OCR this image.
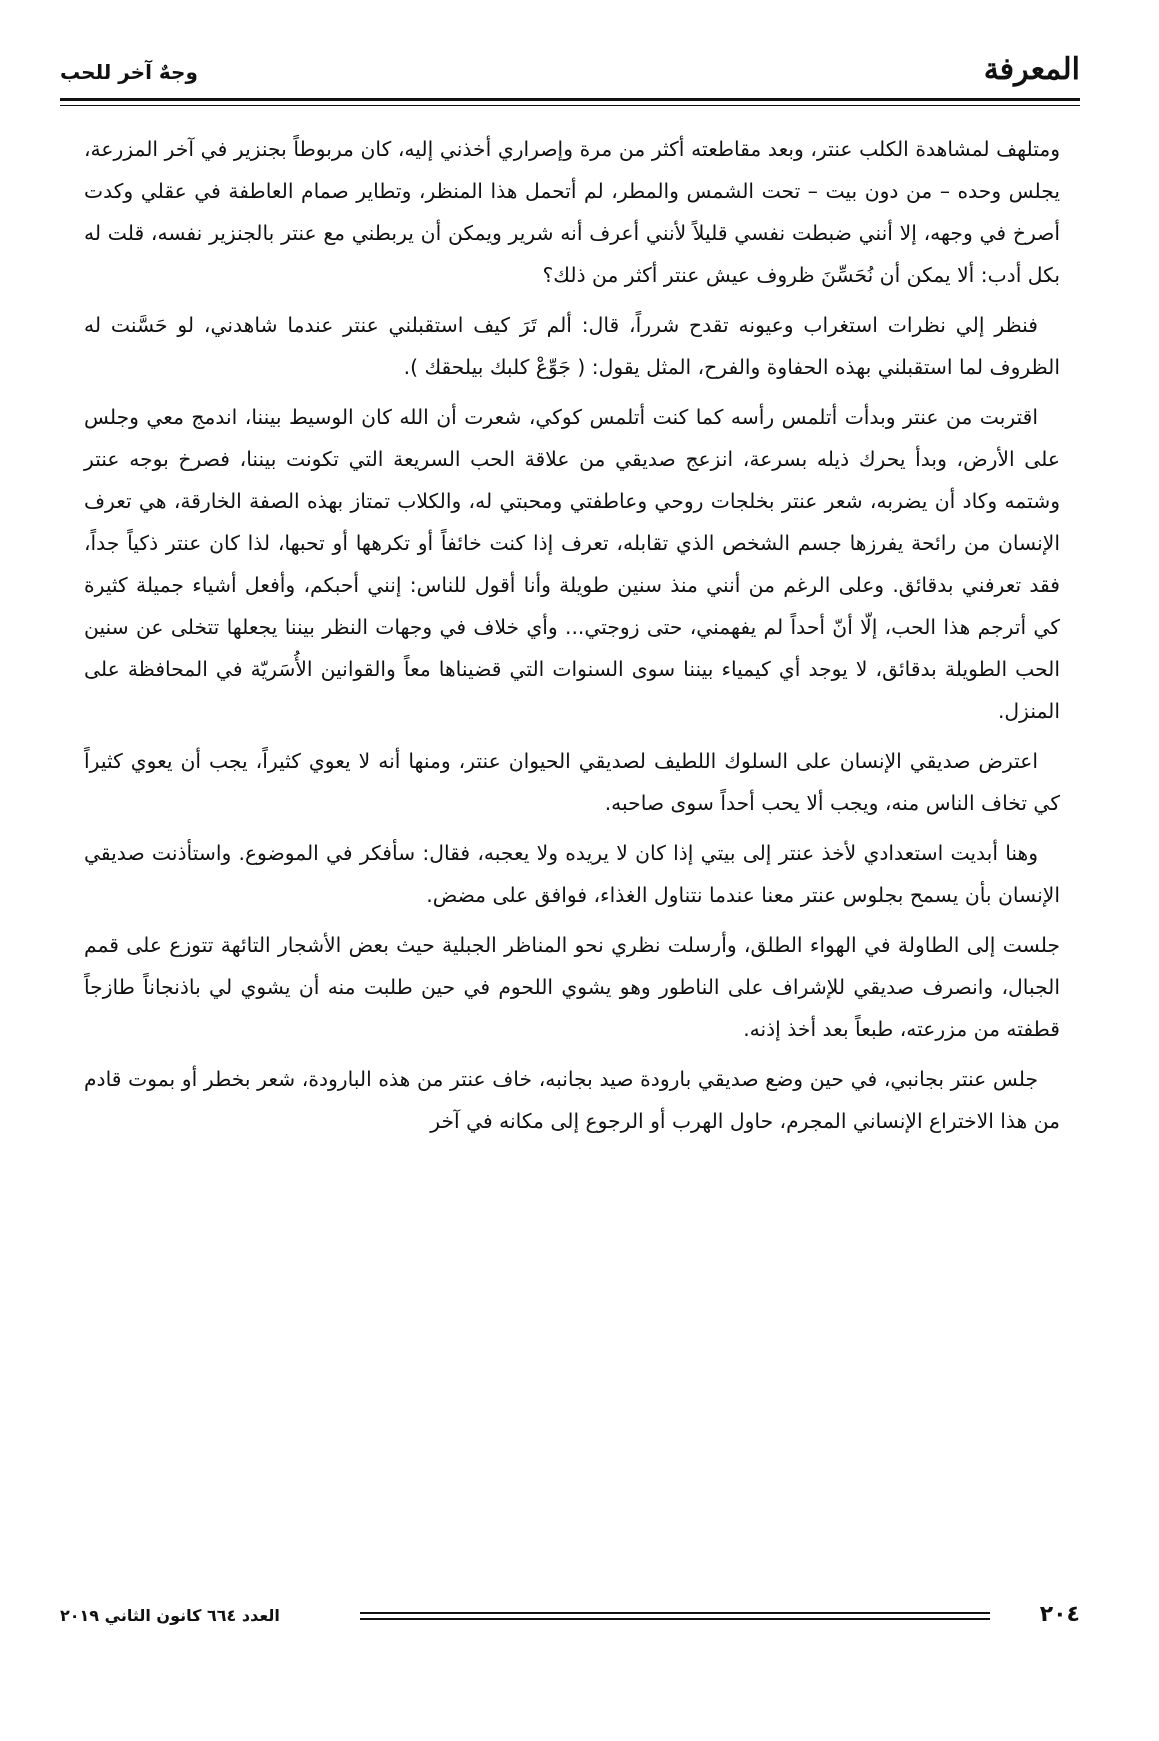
المعرفة
وجهٌ آخر للحب

ومتلهف لمشاهدة الكلب عنتر، وبعد مقاطعته أكثر من مرة وإصراري أخذني إليه، كان مربوطاً بجنزير في آخر المزرعة، يجلس وحده – من دون بيت – تحت الشمس والمطر، لم أتحمل هذا المنظر، وتطاير صمام العاطفة في عقلي وكدت أصرخ في وجهه، إلا أنني ضبطت نفسي قليلاً لأنني أعرف أنه شرير ويمكن أن يربطني مع عنتر بالجنزير نفسه، قلت له بكل أدب: ألا يمكن أن نُحَسِّنَ ظروف عيش عنتر أكثر من ذلك؟

فنظر إلي نظرات استغراب وعيونه تقدح شرراً، قال: ألم تَرَ كيف استقبلني عنتر عندما شاهدني، لو حَسَّنت له الظروف لما استقبلني بهذه الحفاوة والفرح، المثل يقول: ( جَوِّعْ كلبك بيلحقك ).

اقتربت من عنتر وبدأت أتلمس رأسه كما كنت أتلمس كوكي، شعرت أن الله كان الوسيط بيننا، اندمج معي وجلس على الأرض، وبدأ يحرك ذيله بسرعة، انزعج صديقي من علاقة الحب السريعة التي تكونت بيننا، فصرخ بوجه عنتر وشتمه وكاد أن يضربه، شعر عنتر بخلجات روحي وعاطفتي ومحبتي له، والكلاب تمتاز بهذه الصفة الخارقة، هي تعرف الإنسان من رائحة يفرزها جسم الشخص الذي تقابله، تعرف إذا كنت خائفاً أو تكرهها أو تحبها، لذا كان عنتر ذكياً جداً، فقد تعرفني بدقائق. وعلى الرغم من أنني منذ سنين طويلة وأنا أقول للناس: إنني أحبكم، وأفعل أشياء جميلة كثيرة كي أترجم هذا الحب، إلّا أنّ أحداً لم يفهمني، حتى زوجتي... وأي خلاف في وجهات النظر بيننا يجعلها تتخلى عن سنين الحب الطويلة بدقائق، لا يوجد أي كيمياء بيننا سوى السنوات التي قضيناها معاً والقوانين الأُسَريّة في المحافظة على المنزل.

اعترض صديقي الإنسان على السلوك اللطيف لصديقي الحيوان عنتر، ومنها أنه لا يعوي كثيراً، يجب أن يعوي كثيراً كي تخاف الناس منه، ويجب ألا يحب أحداً سوى صاحبه.

وهنا أبديت استعدادي لأخذ عنتر إلى بيتي إذا كان لا يريده ولا يعجبه، فقال: سأفكر في الموضوع. واستأذنت صديقي الإنسان بأن يسمح بجلوس عنتر معنا عندما نتناول الغذاء، فوافق على مضض.

جلست إلى الطاولة في الهواء الطلق، وأرسلت نظري نحو المناظر الجبلية حيث بعض الأشجار التائهة تتوزع على قمم الجبال، وانصرف صديقي للإشراف على الناطور وهو يشوي اللحوم في حين طلبت منه أن يشوي لي باذنجاناً طازجاً قطفته من مزرعته، طبعاً بعد أخذ إذنه.

جلس عنتر بجانبي، في حين وضع صديقي بارودة صيد بجانبه، خاف عنتر من هذه البارودة، شعر بخطر أو بموت قادم من هذا الاختراع الإنساني المجرم، حاول الهرب أو الرجوع إلى مكانه في آخر

٢٠٤
العدد ٦٦٤ كانون الثاني ٢٠١٩
